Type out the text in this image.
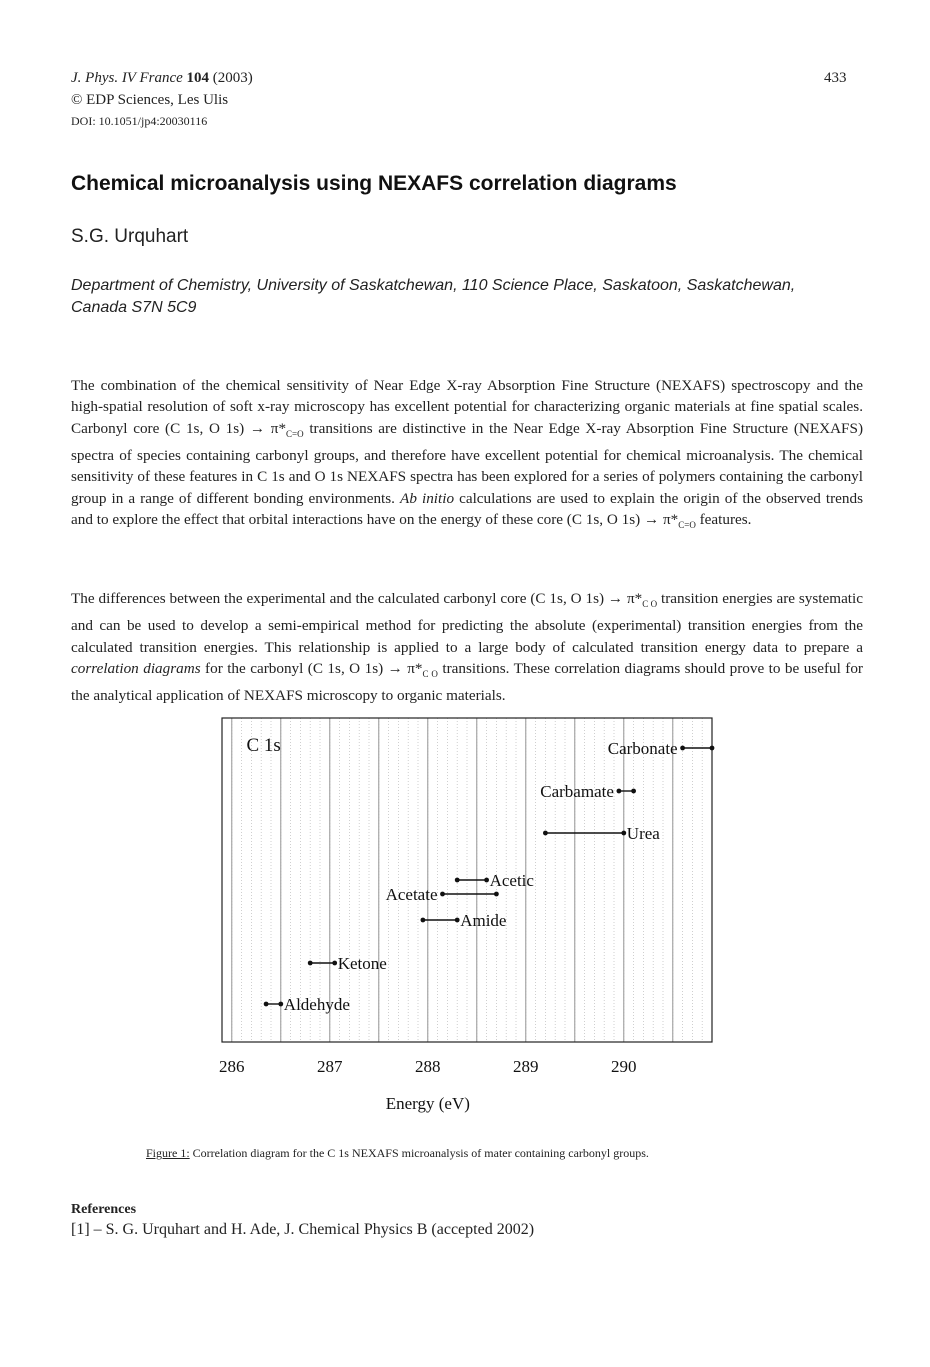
J. Phys. IV France 104 (2003)
© EDP Sciences, Les Ulis
DOI: 10.1051/jp4:20030116
433
Chemical microanalysis using NEXAFS correlation diagrams
S.G. Urquhart
Department of Chemistry, University of Saskatchewan, 110 Science Place, Saskatoon, Saskatchewan, Canada S7N 5C9
The combination of the chemical sensitivity of Near Edge X-ray Absorption Fine Structure (NEXAFS) spectroscopy and the high-spatial resolution of soft x-ray microscopy has excellent potential for characterizing organic materials at fine spatial scales. Carbonyl core (C 1s, O $1s) \to \pi*_{C=O}$ transitions are distinctive in the Near Edge X-ray Absorption Fine Structure (NEXAFS) spectra of species containing carbonyl groups, and therefore have excellent potential for chemical microanalysis. The chemical sensitivity of these features in C 1s and O 1s NEXAFS spectra has been explored for a series of polymers containing the carbonyl group in a range of different bonding environments. Ab initio calculations are used to explain the origin of the observed trends and to explore the effect that orbital interactions have on the energy of these core (C 1s, O $1s) \to \pi*_{C=O}$ features.
The differences between the experimental and the calculated carbonyl core (C 1s, O $1s) \to \pi*_{C O}$ transition energies are systematic and can be used to develop a semi-empirical method for predicting the absolute (experimental) transition energies from the calculated transition energies. This relationship is applied to a large body of calculated transition energy data to prepare a correlation diagrams for the carbonyl (C 1s, O $1s) \to \pi*_{C O}$ transitions. These correlation diagrams should prove to be useful for the analytical application of NEXAFS microscopy to organic materials.
C 1s	Carbonate
Carbamate
Urea
Acetic
Acetate
Amide
Ketone
Aldehyde
286	287	288	289	290
Energy (eV)
Figure 1: Correlation diagram for the C 1s NEXAFS microanalysis of mater containing carbonyl groups.
References
[1] – S. G. Urquhart and H. Ade, J. Chemical Physics B (accepted 2002)
